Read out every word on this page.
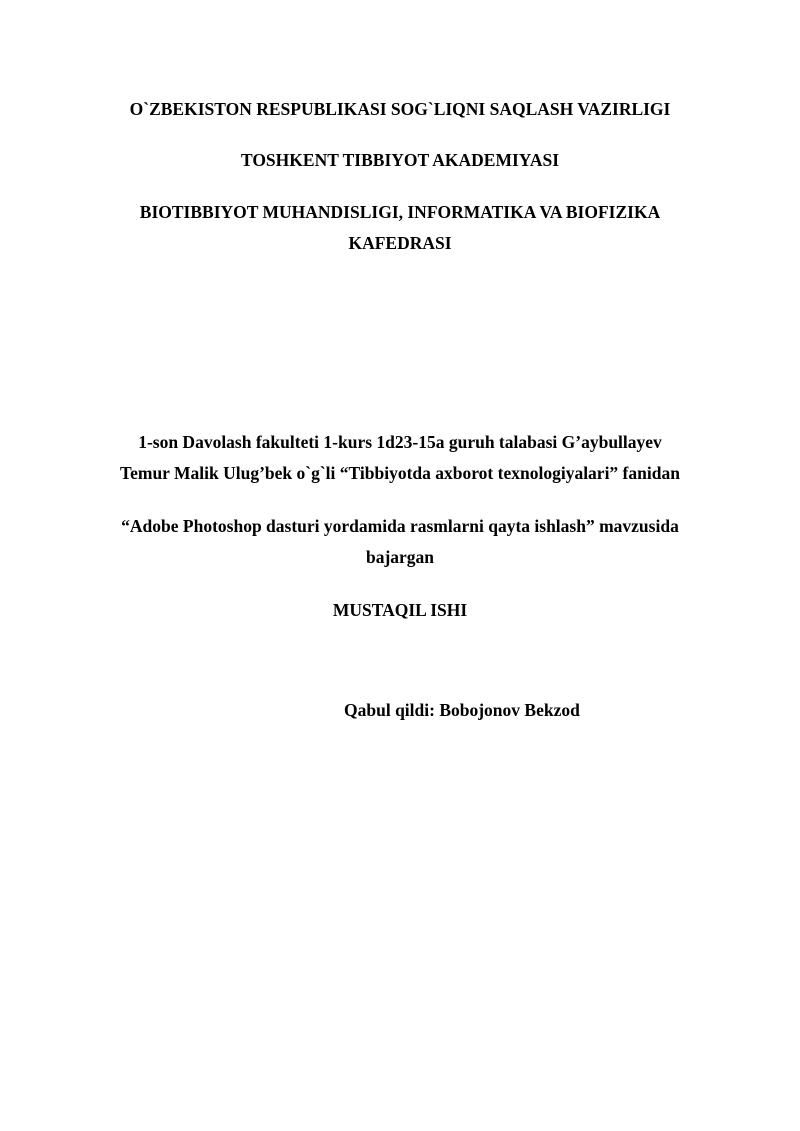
O`ZBEKISTON RESPUBLIKASI SOG`LIQNI SAQLASH VAZIRLIGI
TOSHKENT TIBBIYOT AKADEMIYASI
BIOTIBBIYOT MUHANDISLIGI, INFORMATIKA VA BIOFIZIKA
KAFEDRASI
1-son Davolash fakulteti 1-kurs 1d23-15a guruh talabasi G’aybullayev
Temur Malik Ulug’bek o`g`li “Tibbiyotda axborot texnologiyalari” fanidan
“Adobe Photoshop dasturi yordamida rasmlarni qayta ishlash” mavzusida
bajargan
MUSTAQIL ISHI
Qabul qildi: Bobojonov Bekzod
